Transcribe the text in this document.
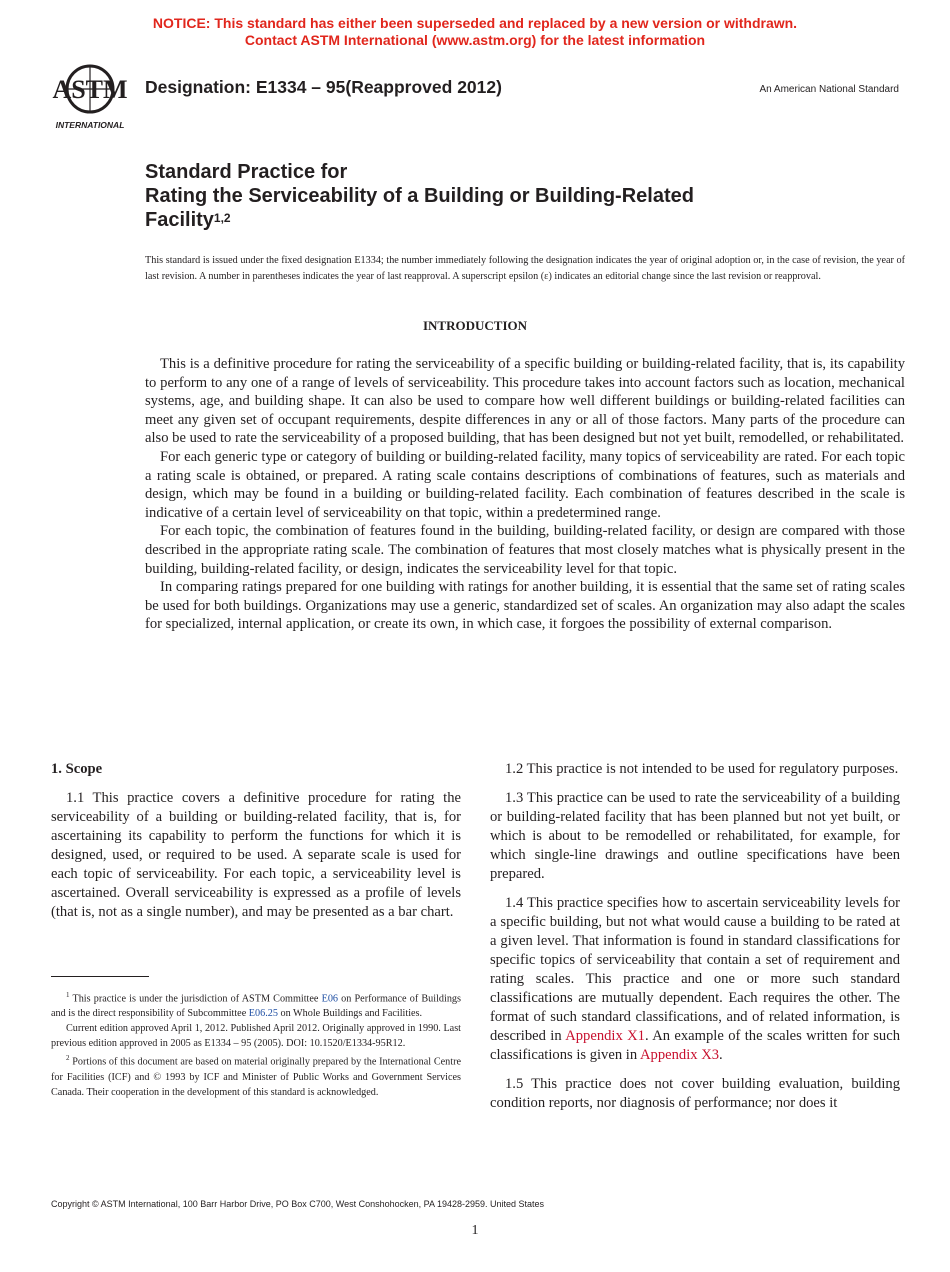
NOTICE: This standard has either been superseded and replaced by a new version or withdrawn.
Contact ASTM International (www.astm.org) for the latest information
ASTM
INTERNATIONAL
Designation: E1334 – 95(Reapproved 2012)	An American National Standard
Standard Practice for
Rating the Serviceability of a Building or Building-Related
Facility$^{1,2}$
This standard is issued under the fixed designation E1334; the number immediately following the designation indicates the year of original adoption or, in the case of revision, the year of last revision. A number in parentheses indicates the year of last reapproval. A superscript epsilon (ε) indicates an editorial change since the last revision or reapproval.
INTRODUCTION

This is a definitive procedure for rating the serviceability of a specific building or building-related facility, that is, its capability to perform to any one of a range of levels of serviceability. This procedure takes into account factors such as location, mechanical systems, age, and building shape. It can also be used to compare how well different buildings or building-related facilities can meet any given set of occupant requirements, despite differences in any or all of those factors. Many parts of the procedure can also be used to rate the serviceability of a proposed building, that has been designed but not yet built, remodelled, or rehabilitated.

For each generic type or category of building or building-related facility, many topics of serviceability are rated. For each topic a rating scale is obtained, or prepared. A rating scale contains descriptions of combinations of features, such as materials and design, which may be found in a building or building-related facility. Each combination of features described in the scale is indicative of a certain level of serviceability on that topic, within a predetermined range.

For each topic, the combination of features found in the building, building-related facility, or design are compared with those described in the appropriate rating scale. The combination of features that most closely matches what is physically present in the building, building-related facility, or design, indicates the serviceability level for that topic.

In comparing ratings prepared for one building with ratings for another building, it is essential that the same set of rating scales be used for both buildings. Organizations may use a generic, standardized set of scales. An organization may also adapt the scales for specialized, internal application, or create its own, in which case, it forgoes the possibility of external comparison.

1. Scope

1.1 This practice covers a definitive procedure for rating the serviceability of a building or building-related facility, that is, for ascertaining its capability to perform the functions for which it is designed, used, or required to be used. A separate scale is used for each topic of serviceability. For each topic, a serviceability level is ascertained. Overall serviceability is expressed as a profile of levels (that is, not as a single number), and may be presented as a bar chart.

1.2 This practice is not intended to be used for regulatory purposes.

1.3 This practice can be used to rate the serviceability of a building or building-related facility that has been planned but not yet built, or which is about to be remodelled or rehabilitated, for example, for which single-line drawings and outline specifications have been prepared.

1.4 This practice specifies how to ascertain serviceability levels for a specific building, but not what would cause a building to be rated at a given level. That information is found in standard classifications for specific topics of serviceability that contain a set of requirement and rating scales. This practice and one or more such standard classifications are mutually dependent. Each requires the other. The format of such standard classifications, and of related information, is described in Appendix X1. An example of the scales written for such classifications is given in Appendix X3.

1.5 This practice does not cover building evaluation, building condition reports, nor diagnosis of performance; nor does it

$^1$ This practice is under the jurisdiction of ASTM Committee E06 on Performance of Buildings and is the direct responsibility of Subcommittee E06.25 on Whole Buildings and Facilities.

Current edition approved April 1, 2012. Published April 2012. Originally approved in 1990. Last previous edition approved in 2005 as E1334 – 95 (2005). DOI: 10.1520/E1334-95R12.

$^2$ Portions of this document are based on material originally prepared by the International Centre for Facilities (ICF) and © 1993 by ICF and Minister of Public Works and Government Services Canada. Their cooperation in the development of this standard is acknowledged.

Copyright © ASTM International, 100 Barr Harbor Drive, PO Box C700, West Conshohocken, PA 19428-2959. United States
1
